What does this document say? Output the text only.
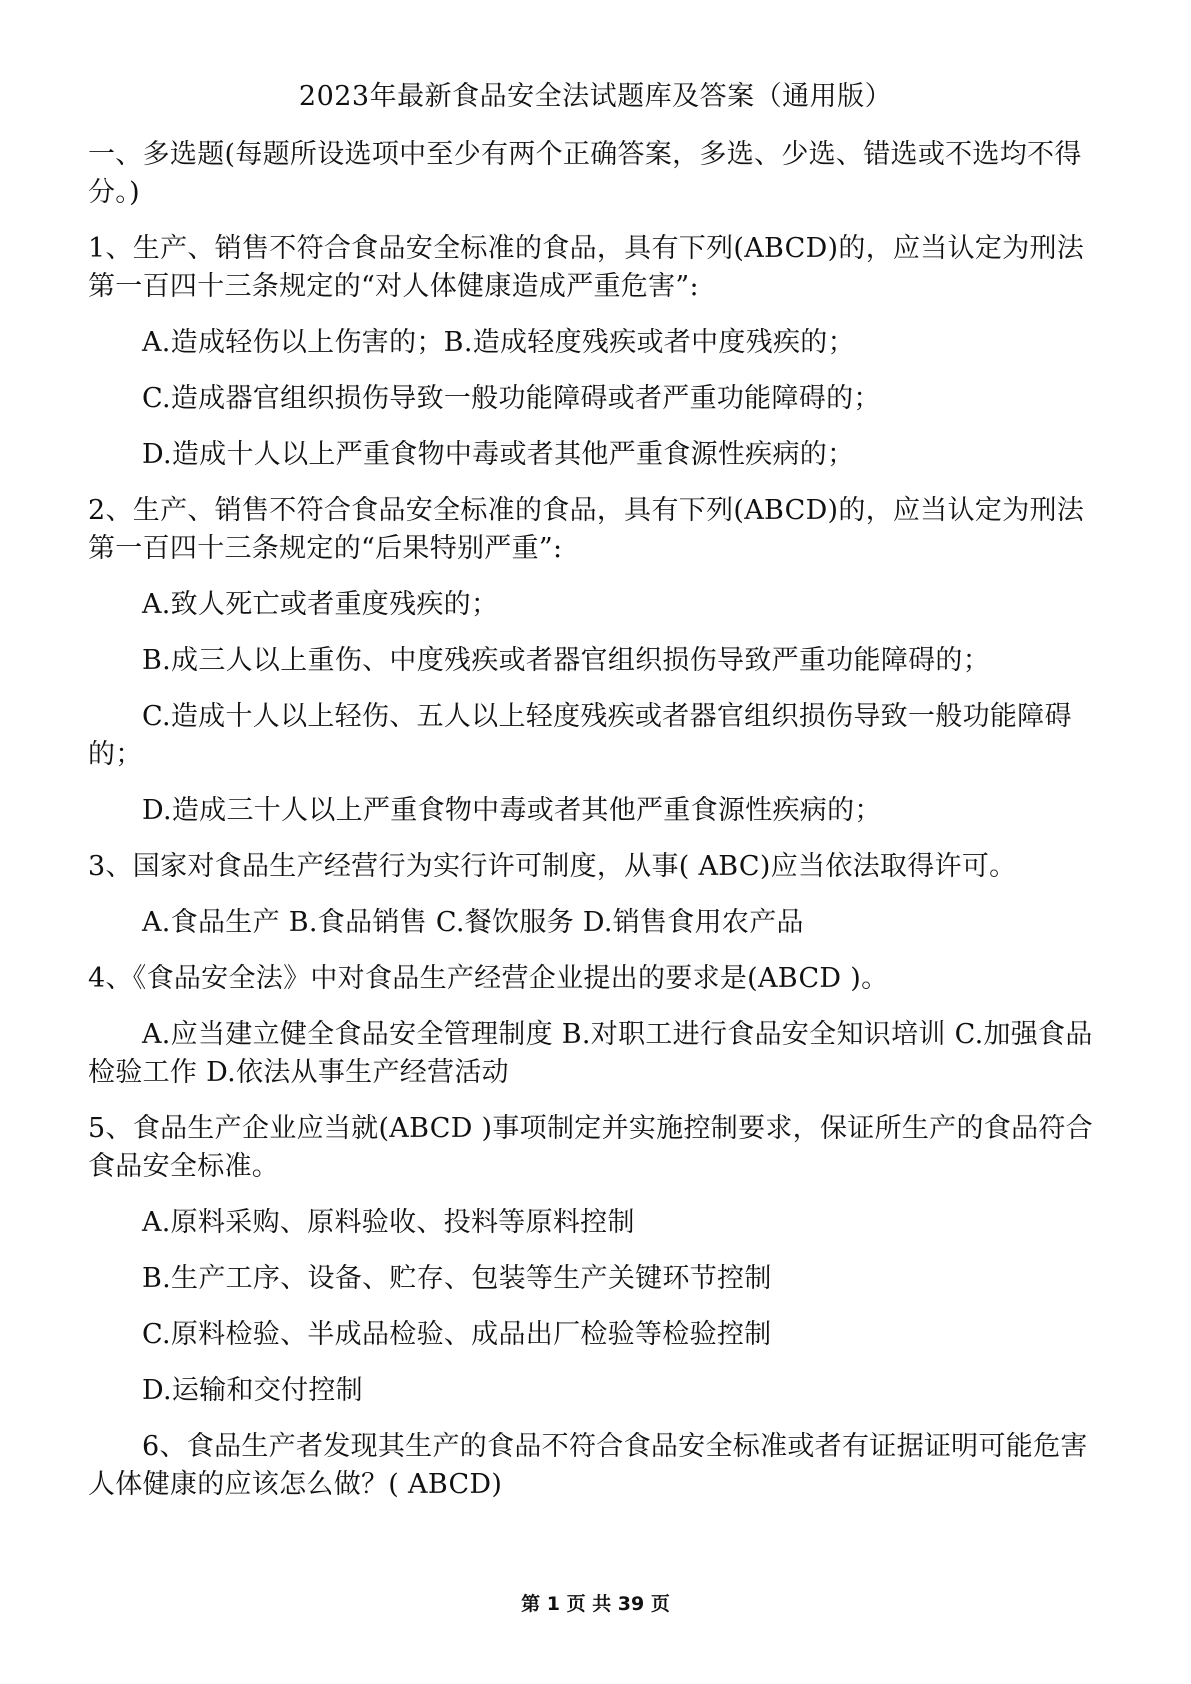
2023年最新食品安全法试题库及答案（通用版）

一、多选题(每题所设选项中至少有两个正确答案，多选、少选、错选或不选均不得分。)

1、生产、销售不符合食品安全标准的食品，具有下列(ABCD)的，应当认定为刑法第一百四十三条规定的“对人体健康造成严重危害”:

A.造成轻伤以上伤害的；B.造成轻度残疾或者中度残疾的；

C.造成器官组织损伤导致一般功能障碍或者严重功能障碍的；

D.造成十人以上严重食物中毒或者其他严重食源性疾病的；

2、生产、销售不符合食品安全标准的食品，具有下列(ABCD)的，应当认定为刑法第一百四十三条规定的“后果特别严重”:

A.致人死亡或者重度残疾的；

B.成三人以上重伤、中度残疾或者器官组织损伤导致严重功能障碍的；

C.造成十人以上轻伤、五人以上轻度残疾或者器官组织损伤导致一般功能障碍的；

D.造成三十人以上严重食物中毒或者其他严重食源性疾病的；

3、国家对食品生产经营行为实行许可制度，从事( ABC)应当依法取得许可。

A.食品生产 B.食品销售 C.餐饮服务 D.销售食用农产品

4、《食品安全法》中对食品生产经营企业提出的要求是(ABCD )。

A.应当建立健全食品安全管理制度 B.对职工进行食品安全知识培训 C.加强食品检验工作 D.依法从事生产经营活动

5、食品生产企业应当就(ABCD )事项制定并实施控制要求，保证所生产的食品符合食品安全标准。

A.原料采购、原料验收、投料等原料控制

B.生产工序、设备、贮存、包装等生产关键环节控制

C.原料检验、半成品检验、成品出厂检验等检验控制

D.运输和交付控制

6、食品生产者发现其生产的食品不符合食品安全标准或者有证据证明可能危害人体健康的应该怎么做？( ABCD)

第 1 页 共 39 页
